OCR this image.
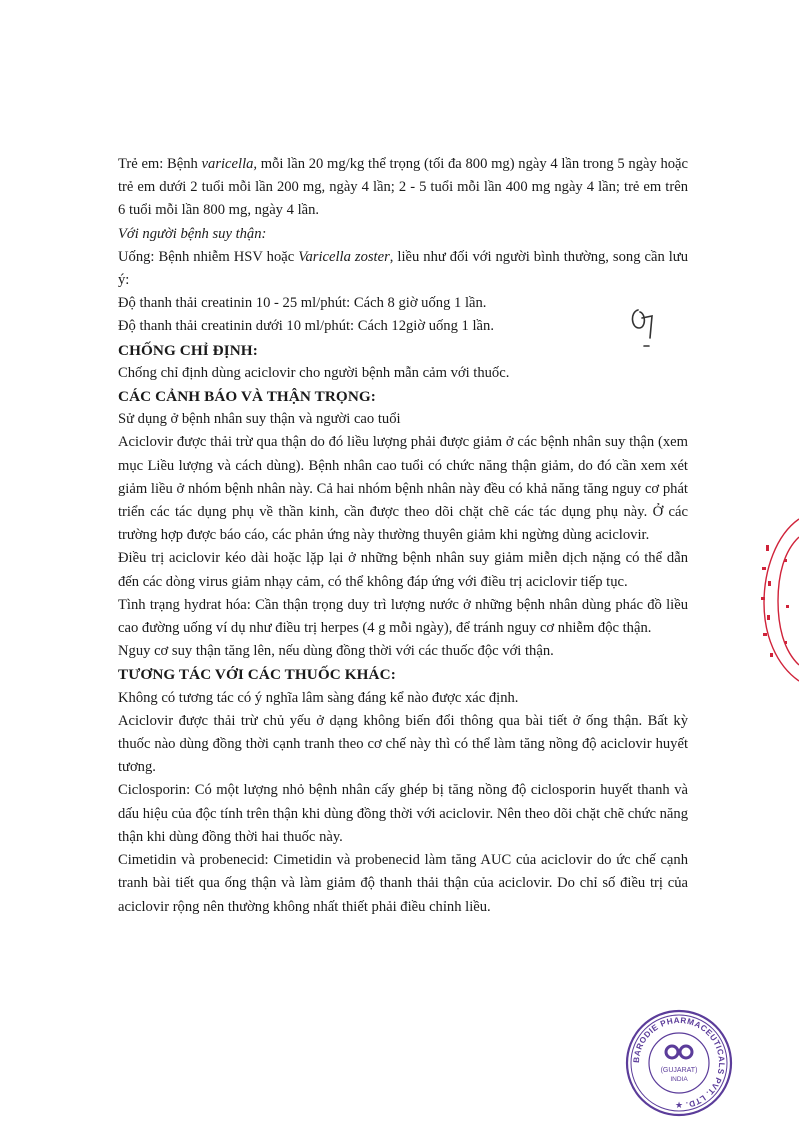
Trẻ em: Bệnh varicella, mỗi lần 20 mg/kg thể trọng (tối đa 800 mg) ngày 4 lần trong 5 ngày hoặc trẻ em dưới 2 tuổi mỗi lần 200 mg, ngày 4 lần; 2 - 5 tuổi mỗi lần 400 mg ngày 4 lần; trẻ em trên 6 tuổi mỗi lần 800 mg, ngày 4 lần.

Với người bệnh suy thận:

Uống: Bệnh nhiễm HSV hoặc Varicella zoster, liều như đối với người bình thường, song cần lưu ý:

Độ thanh thải creatinin 10 - 25 ml/phút: Cách 8 giờ uống 1 lần.

Độ thanh thải creatinin dưới 10 ml/phút: Cách 12giờ uống 1 lần.

CHỐNG CHỈ ĐỊNH:

Chống chỉ định dùng aciclovir cho người bệnh mẫn cảm với thuốc.

CÁC CẢNH BÁO VÀ THẬN TRỌNG:

Sử dụng ở bệnh nhân suy thận và người cao tuổi

Aciclovir được thải trừ qua thận do đó liều lượng phải được giảm ở các bệnh nhân suy thận (xem mục Liều lượng và cách dùng). Bệnh nhân cao tuổi có chức năng thận giảm, do đó cần xem xét giảm liều ở nhóm bệnh nhân này. Cả hai nhóm bệnh nhân này đều có khả năng tăng nguy cơ phát triển các tác dụng phụ về thần kinh, cần được theo dõi chặt chẽ các tác dụng phụ này. Ở các trường hợp được báo cáo, các phản ứng này thường thuyên giảm khi ngừng dùng aciclovir.

Điều trị aciclovir kéo dài hoặc lặp lại ở những bệnh nhân suy giảm miễn dịch nặng có thể dẫn đến các dòng virus giảm nhạy cảm, có thể không đáp ứng với điều trị aciclovir tiếp tục.

Tình trạng hydrat hóa: Cần thận trọng duy trì lượng nước ở những bệnh nhân dùng phác đồ liều cao đường uống ví dụ như điều trị herpes (4 g mỗi ngày), để tránh nguy cơ nhiễm độc thận.

Nguy cơ suy thận tăng lên, nếu dùng đồng thời với các thuốc độc với thận.

TƯƠNG TÁC VỚI CÁC THUỐC KHÁC:

Không có tương tác có ý nghĩa lâm sàng đáng kể nào được xác định.

Aciclovir được thải trừ chủ yếu ở dạng không biến đổi thông qua bài tiết ở ống thận. Bất kỳ thuốc nào dùng đồng thời cạnh tranh theo cơ chế này thì có thể làm tăng nồng độ aciclovir huyết tương.

Ciclosporin: Có một lượng nhỏ bệnh nhân cấy ghép bị tăng nồng độ ciclosporin huyết thanh và dấu hiệu của độc tính trên thận khi dùng đồng thời với aciclovir. Nên theo dõi chặt chẽ chức năng thận khi dùng đồng thời hai thuốc này.

Cimetidin và probenecid: Cimetidin và probenecid làm tăng AUC của aciclovir do ức chế cạnh tranh bài tiết qua ống thận và làm giảm độ thanh thải thận của aciclovir. Do chỉ số điều trị của aciclovir rộng nên thường không nhất thiết phải điều chỉnh liều.

BARODIE PHARMACEUTICALS PVT. LTD.
(GUJARAT)
INDIA
★
